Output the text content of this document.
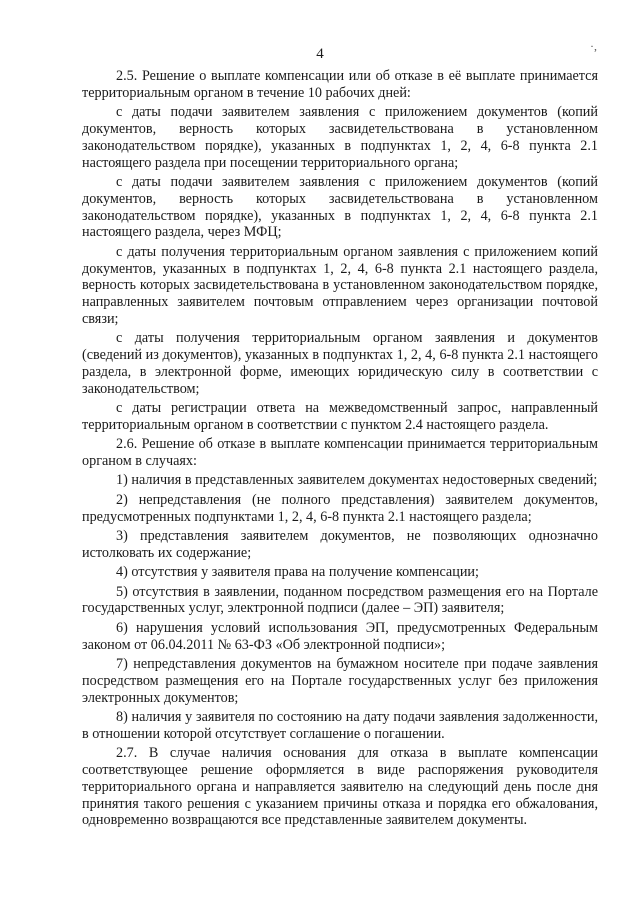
4	·,

2.5. Решение о выплате компенсации или об отказе в её выплате принимается территориальным органом в течение 10 рабочих дней:

с даты подачи заявителем заявления с приложением документов (копий документов, верность которых засвидетельствована в установленном законодательством порядке), указанных в подпунктах 1, 2, 4, 6-8 пункта 2.1 настоящего раздела при посещении территориального органа;

с даты подачи заявителем заявления с приложением документов (копий документов, верность которых засвидетельствована в установленном законодательством порядке), указанных в подпунктах 1, 2, 4, 6-8 пункта 2.1 настоящего раздела, через МФЦ;

с даты получения территориальным органом заявления с приложением копий документов, указанных в подпунктах 1, 2, 4, 6-8 пункта 2.1 настоящего раздела, верность которых засвидетельствована в установленном законодательством порядке, направленных заявителем почтовым отправлением через организации почтовой связи;

с даты получения территориальным органом заявления и документов (сведений из документов), указанных в подпунктах 1, 2, 4, 6-8 пункта 2.1 настоящего раздела, в электронной форме, имеющих юридическую силу в соответствии с законодательством;

с даты регистрации ответа на межведомственный запрос, направленный территориальным органом в соответствии с пунктом 2.4 настоящего раздела.

2.6. Решение об отказе в выплате компенсации принимается территориальным органом в случаях:

1) наличия в представленных заявителем документах недостоверных сведений;

2) непредставления (не полного представления) заявителем документов, предусмотренных подпунктами 1, 2, 4, 6-8 пункта 2.1 настоящего раздела;

3) представления заявителем документов, не позволяющих однозначно истолковать их содержание;

4) отсутствия у заявителя права на получение компенсации;

5) отсутствия в заявлении, поданном посредством размещения его на Портале государственных услуг, электронной подписи (далее – ЭП) заявителя;

6) нарушения условий использования ЭП, предусмотренных Федеральным законом от 06.04.2011 № 63-ФЗ «Об электронной подписи»;

7) непредставления документов на бумажном носителе при подаче заявления посредством размещения его на Портале государственных услуг без приложения электронных документов;

8) наличия у заявителя по состоянию на дату подачи заявления задолженности, в отношении которой отсутствует соглашение о погашении.

2.7. В случае наличия основания для отказа в выплате компенсации соответствующее решение оформляется в виде распоряжения руководителя территориального органа и направляется заявителю на следующий день после дня принятия такого решения с указанием причины отказа и порядка его обжалования, одновременно возвращаются все представленные заявителем документы.
